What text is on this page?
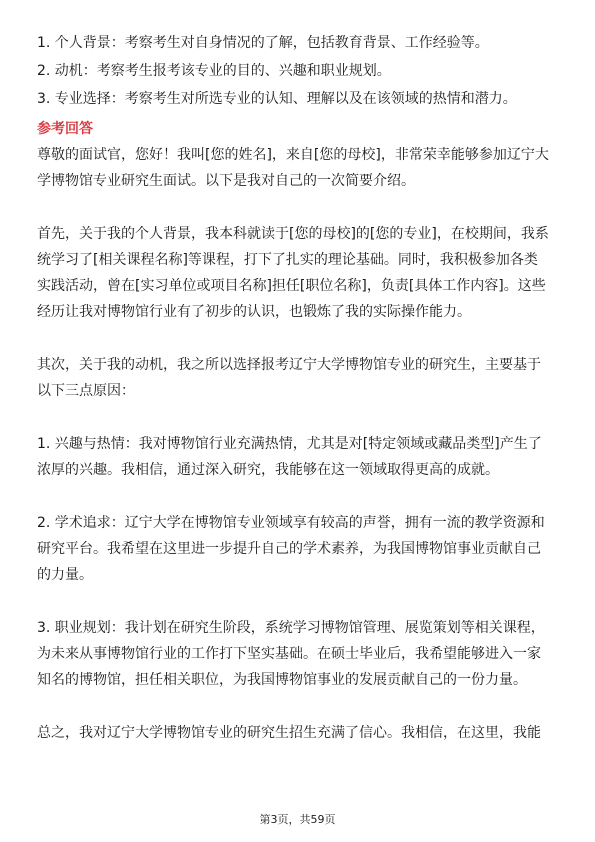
1. 个人背景：考察考生对自身情况的了解，包括教育背景、工作经验等。

2. 动机：考察考生报考该专业的目的、兴趣和职业规划。

3. 专业选择：考察考生对所选专业的认知、理解以及在该领域的热情和潜力。

参考回答

尊敬的面试官，您好！我叫[您的姓名]，来自[您的母校]，非常荣幸能够参加辽宁大

学博物馆专业研究生面试。以下是我对自己的一次简要介绍。

首先，关于我的个人背景，我本科就读于[您的母校]的[您的专业]，在校期间，我系

统学习了[相关课程名称]等课程，打下了扎实的理论基础。同时，我积极参加各类

实践活动，曾在[实习单位或项目名称]担任[职位名称]，负责[具体工作内容]。这些

经历让我对博物馆行业有了初步的认识，也锻炼了我的实际操作能力。

其次，关于我的动机，我之所以选择报考辽宁大学博物馆专业的研究生，主要基于

以下三点原因：

1. 兴趣与热情：我对博物馆行业充满热情，尤其是对[特定领域或藏品类型]产生了

浓厚的兴趣。我相信，通过深入研究，我能够在这一领域取得更高的成就。

2. 学术追求：辽宁大学在博物馆专业领域享有较高的声誉，拥有一流的教学资源和

研究平台。我希望在这里进一步提升自己的学术素养，为我国博物馆事业贡献自己

的力量。

3. 职业规划：我计划在研究生阶段，系统学习博物馆管理、展览策划等相关课程，

为未来从事博物馆行业的工作打下坚实基础。在硕士毕业后，我希望能够进入一家

知名的博物馆，担任相关职位，为我国博物馆事业的发展贡献自己的一份力量。

总之，我对辽宁大学博物馆专业的研究生招生充满了信心。我相信，在这里，我能

第3页，共59页
